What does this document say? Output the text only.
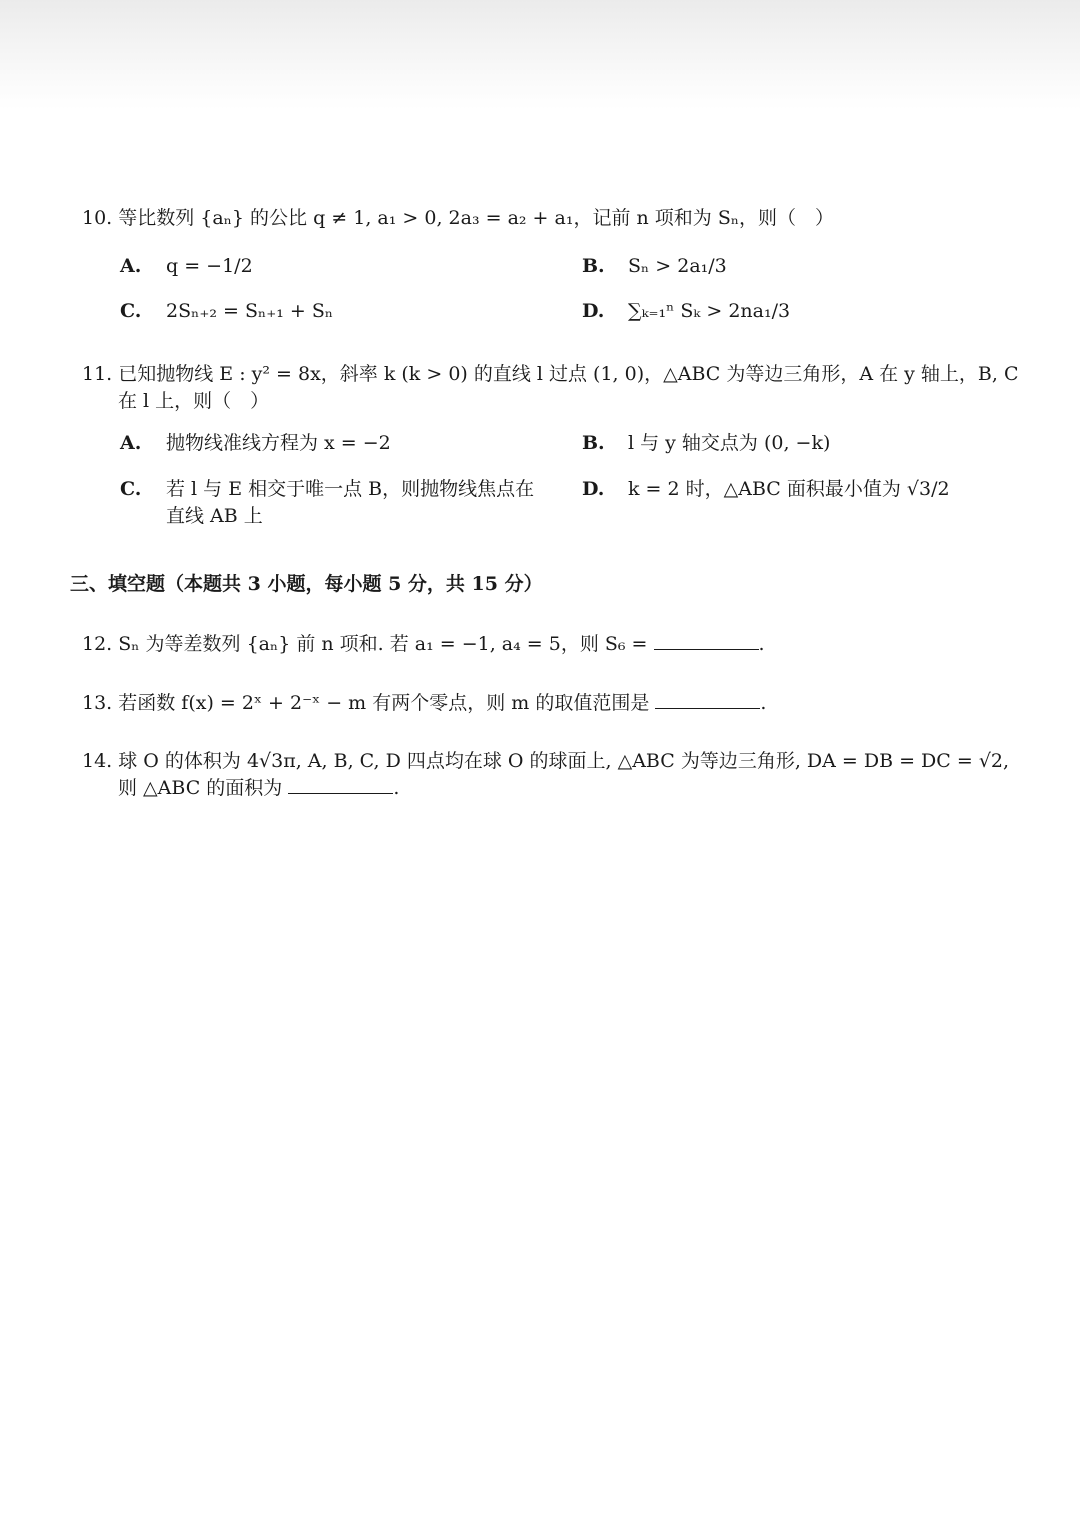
10. 等比数列 {aₙ} 的公比 q ≠ 1, a₁ > 0, 2a₃ = a₂ + a₁，记前 n 项和为 Sₙ，则（　）
A. q = −1/2	B. Sₙ > 2a₁/3
C. 2Sₙ₊₂ = Sₙ₊₁ + Sₙ	D. ∑ₖ₌₁ⁿ Sₖ > 2na₁/3
11. 已知抛物线 E : y² = 8x，斜率 k (k > 0) 的直线 l 过点 (1, 0)，△ABC 为等边三角形，A 在 y 轴上，B, C
在 l 上，则（　）
A. 抛物线准线方程为 x = −2	B. l 与 y 轴交点为 (0, −k)
C. 若 l 与 E 相交于唯一点 B，则抛物线焦点在
直线 AB 上
D. k = 2 时，△ABC 面积最小值为 √3/2
三、填空题（本题共 3 小题，每小题 5 分，共 15 分）
12. Sₙ 为等差数列 {aₙ} 前 n 项和. 若 a₁ = −1, a₄ = 5，则 S₆ =	.
13. 若函数 f(x) = 2ˣ + 2⁻ˣ − m 有两个零点，则 m 的取值范围是	.
14. 球 O 的体积为 4√3π, A, B, C, D 四点均在球 O 的球面上, △ABC 为等边三角形, DA = DB = DC = √2,
则 △ABC 的面积为	.
